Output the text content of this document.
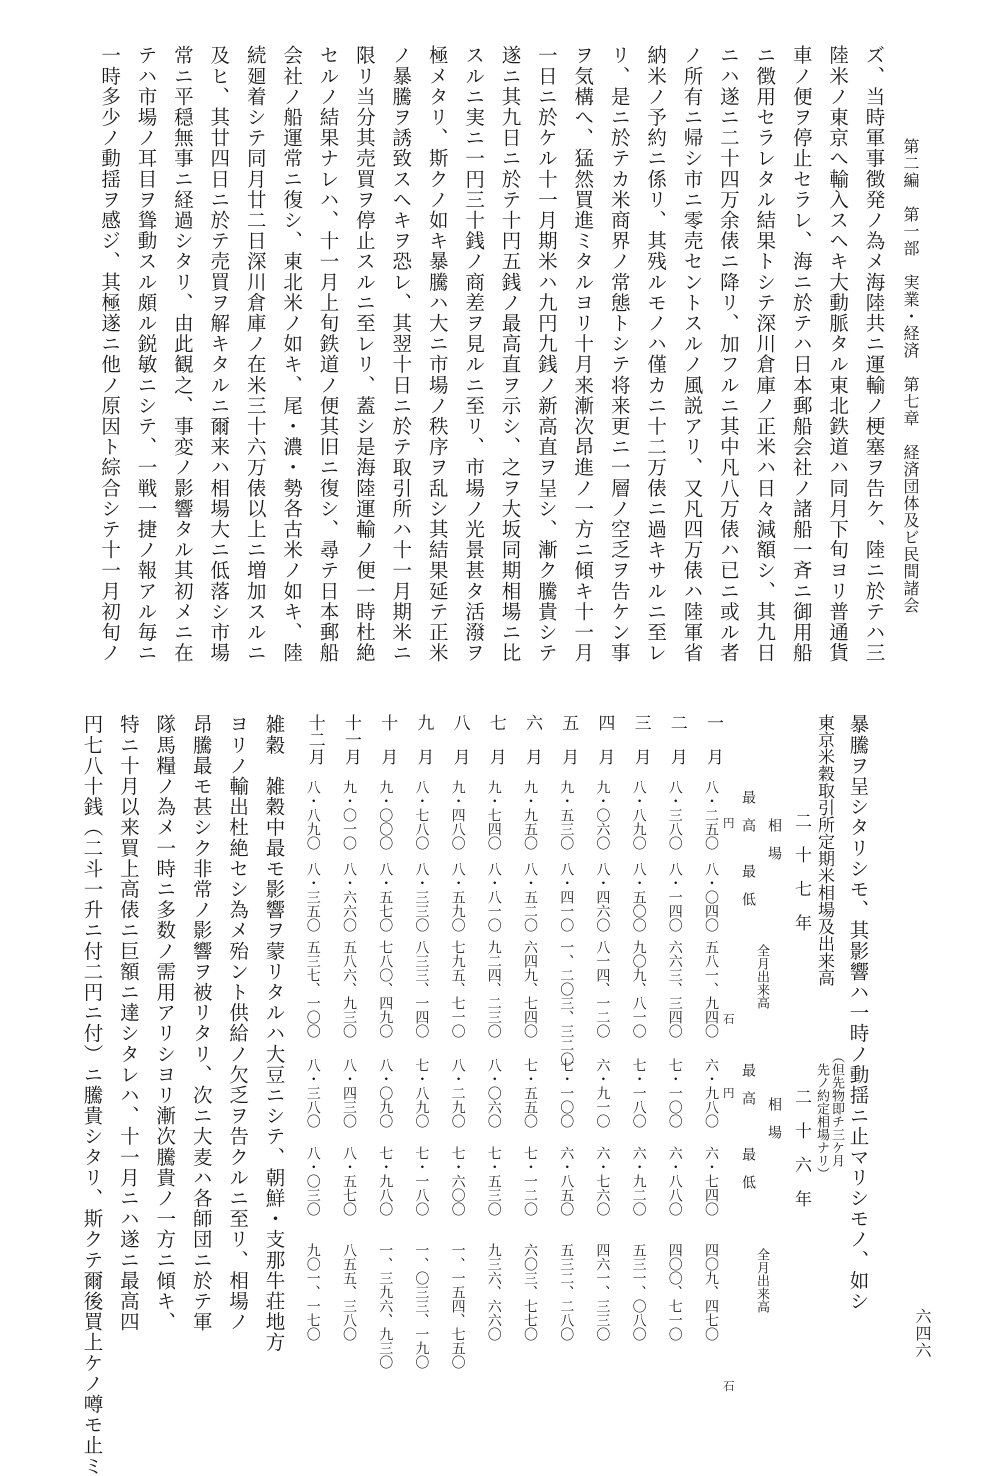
第二編　第一部　実業・経済　第七章　経済団体及ビ民間諸会
六四六
ズ、当時軍事徴発ノ為メ海陸共ニ運輸ノ梗塞ヲ告ケ、陸ニ於テハ三
陸米ノ東京へ輸入スヘキ大動脈タル東北鉄道ハ同月下旬ヨリ普通貨
車ノ便ヲ停止セラレ、海ニ於テハ日本郵船会社ノ諸船一斉ニ御用船
ニ徴用セラレタル結果トシテ深川倉庫ノ正米ハ日々減額シ、其九日
ニハ遂ニ二十四万余俵ニ降リ、加フルニ其中凡八万俵ハ已ニ或ル者
ノ所有ニ帰シ市ニ零売セントスルノ風説アリ、又凡四万俵ハ陸軍省
納米ノ予約ニ係リ、其残ルモノハ僅カニ十二万俵ニ過キサルニ至レ
リ、是ニ於テカ米商界ノ常態トシテ将来更ニ一層ノ空乏ヲ告ケン事
ヲ気構へ、猛然買進ミタルヨリ十月来漸次昂進ノ一方ニ傾キ十一月
一日ニ於ケル十一月期米ハ九円九銭ノ新高直ヲ呈シ、漸ク騰貴シテ
遂ニ其九日ニ於テ十円五銭ノ最高直ヲ示シ、之ヲ大坂同期相場ニ比
スルニ実ニ一円三十銭ノ商差ヲ見ルニ至リ、市場ノ光景甚タ活潑ヲ
極メタリ、斯クノ如キ暴騰ハ大ニ市場ノ秩序ヲ乱シ其結果延テ正米
ノ暴騰ヲ誘致スヘキヲ恐レ、其翌十日ニ於テ取引所ハ十一月期米ニ
限リ当分其売買ヲ停止スルニ至レリ、蓋シ是海陸運輸ノ便一時杜絶
セルノ結果ナレハ、十一月上旬鉄道ノ便其旧ニ復シ、尋テ日本郵船
会社ノ船運常ニ復シ、東北米ノ如キ、尾・濃・勢各古米ノ如キ、陸
続廻着シテ同月廿二日深川倉庫ノ在米三十六万俵以上ニ増加スルニ
及ヒ、其廿四日ニ於テ売買ヲ解キタルニ爾来ハ相場大ニ低落シ市場
常ニ平穏無事ニ経過シタリ、由此観之、事変ノ影響タル其初メニ在
テハ市場ノ耳目ヲ聳動スル頗ル鋭敏ニシテ、一戦一捷ノ報アル毎ニ
一時多少ノ動揺ヲ感ジ、其極遂ニ他ノ原因ト綜合シテ十一月初旬ノ
暴騰ヲ呈シタリシモ、其影響ハ一時ノ動揺ニ止マリシモノ、如シ
東京米穀取引所定期米相場及出来高
（但先物即チ三ケ月
　先ノ約定相場ナリ）
二　十　七　年
二　十　六　年
相　場
最　高
最　低
全月出来高
相　場
最　高
最　低
全月出来高
円
石
円
石
一　月
八・二五〇
八・〇四〇
五八一、九四〇
六・九八〇
六・七四〇
四〇九、四七〇
二　月
八・三八〇
八・一四〇
六六三、三四〇
七・一〇〇
六・八八〇
四〇〇、七一〇
三　月
八・八九〇
八・五〇〇
九〇九、八一〇
七・一八〇
六・九二〇
五三一、〇八〇
四　月
九・〇六〇
八・四六〇
八一四、一二〇
六・九一〇
六・七六〇
四六一、三三〇
五　月
九・五三〇
八・四一〇
一、二〇三、三二〇
七・一〇〇
六・八五〇
五三二、二八〇
六　月
九・九五〇
八・五二〇
六四九、七四〇
七・五五〇
七・一二〇
六〇三、七七〇
七　月
九・七四〇
八・八一〇
九二四、二三〇
八・〇六〇
七・五三〇
九三六、六六〇
八　月
九・四八〇
八・五九〇
七九五、七一〇
八・二九〇
七・六〇〇
一、一五四、七五〇
九　月
八・七八〇
八・三三〇
八三三、一四〇
七・八九〇
七・一八〇
一、〇三三、一九〇
十　月
九・〇〇〇
八・五七〇
七八〇、四九〇
八・〇九〇
七・九八〇
一、三九六、九三〇
十一月
九・〇一〇
八・六六〇
五八六、九三〇
八・四三〇
八・五七〇
八五五、三八〇
十二月
八・八九〇
八・三五〇
五三七、一〇〇
八・三八〇
八・〇三〇
九〇一、一七〇
雑穀　雑穀中最モ影響ヲ蒙リタルハ大豆ニシテ、朝鮮・支那牛荘地方
ヨリノ輸出杜絶セシ為メ殆ント供給ノ欠乏ヲ告クルニ至リ、相場ノ
昂騰最モ甚シク非常ノ影響ヲ被リタリ、次ニ大麦ハ各師団ニ於テ軍
隊馬糧ノ為メ一時ニ多数ノ需用アリシヨリ漸次騰貴ノ一方ニ傾キ、
特ニ十月以来買上高俵ニ巨額ニ達シタレハ、十一月ニハ遂ニ最高四
円七八十銭（二斗一升ニ付二円ニ付）ニ騰貴シタリ、斯クテ爾後買上ケノ噂モ止ミ
